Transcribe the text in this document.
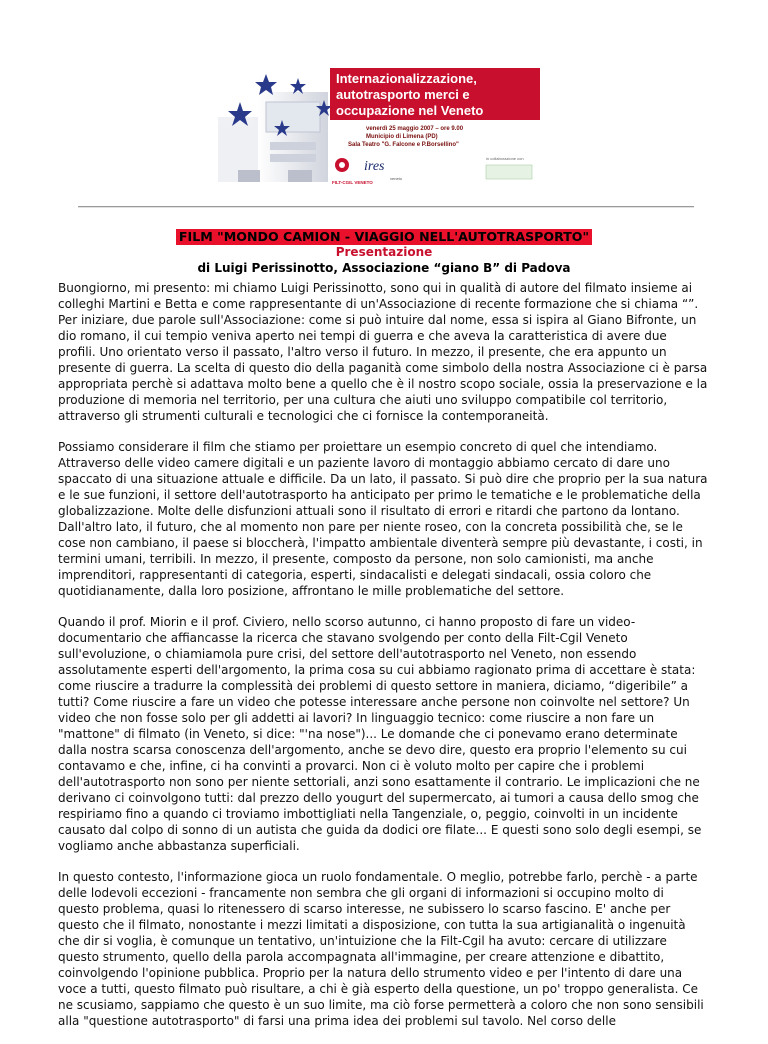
Internazionalizzazione,
autotrasporto merci e
occupazione nel Veneto
venerdì 25 maggio 2007 – ore 9.00
Municipio di Limena (PD)
Sala Teatro "G. Falcone e P.Borsellino"
FILT-CGIL VENETO
ires
veneto
in collaborazione con
FILM "MONDO CAMION - VIAGGIO NELL'AUTOTRASPORTO"
Presentazione
di Luigi Perissinotto, Associazione “giano B” di Padova

Buongiorno, mi presento: mi chiamo Luigi Perissinotto, sono qui in qualità di autore del filmato insieme ai colleghi Martini e Betta e come rappresentante di un'Associazione di recente formazione che si chiama “”. Per iniziare, due parole sull'Associazione: come si può intuire dal nome, essa si ispira al Giano Bifronte, un dio romano, il cui tempio veniva aperto nei tempi di guerra e che aveva la caratteristica di avere due profili. Uno orientato verso il passato, l'altro verso il futuro. In mezzo, il presente, che era appunto un presente di guerra. La scelta di questo dio della paganità come simbolo della nostra Associazione ci è parsa appropriata perchè si adattava molto bene a quello che è il nostro scopo sociale, ossia la preservazione e la produzione di memoria nel territorio, per una cultura che aiuti uno sviluppo compatibile col territorio, attraverso gli strumenti culturali e tecnologici che ci fornisce la contemporaneità.

Possiamo considerare il film che stiamo per proiettare un esempio concreto di quel che intendiamo. Attraverso delle video camere digitali e un paziente lavoro di montaggio abbiamo cercato di dare uno spaccato di una situazione attuale e difficile. Da un lato, il passato. Si può dire che proprio per la sua natura e le sue funzioni, il settore dell'autotrasporto ha anticipato per primo le tematiche e le problematiche della globalizzazione. Molte delle disfunzioni attuali sono il risultato di errori e ritardi che partono da lontano. Dall'altro lato, il futuro, che al momento non pare per niente roseo, con la concreta possibilità che, se le cose non cambiano, il paese si bloccherà, l'impatto ambientale diventerà sempre più devastante, i costi, in termini umani, terribili. In mezzo, il presente, composto da persone, non solo camionisti, ma anche imprenditori, rappresentanti di categoria, esperti, sindacalisti e delegati sindacali, ossia coloro che quotidianamente, dalla loro posizione, affrontano le mille problematiche del settore.

Quando il prof. Miorin e il prof. Civiero, nello scorso autunno, ci hanno proposto di fare un video-documentario che affiancasse la ricerca che stavano svolgendo per conto della Filt-Cgil Veneto sull'evoluzione, o chiamiamola pure crisi, del settore dell'autotrasporto nel Veneto, non essendo assolutamente esperti dell'argomento, la prima cosa su cui abbiamo ragionato prima di accettare è stata: come riuscire a tradurre la complessità dei problemi di questo settore in maniera, diciamo, “digeribile” a tutti? Come riuscire a fare un video che potesse interessare anche persone non coinvolte nel settore? Un video che non fosse solo per gli addetti ai lavori? In linguaggio tecnico: come riuscire a non fare un "mattone" di filmato (in Veneto, si dice: "'na nose")... Le domande che ci ponevamo erano determinate dalla nostra scarsa conoscenza dell'argomento, anche se devo dire, questo era proprio l'elemento su cui contavamo e che, infine, ci ha convinti a provarci. Non ci è voluto molto per capire che i problemi dell'autotrasporto non sono per niente settoriali, anzi sono esattamente il contrario. Le implicazioni che ne derivano ci coinvolgono tutti: dal prezzo dello yougurt del supermercato, ai tumori a causa dello smog che respiriamo fino a quando ci troviamo imbottigliati nella Tangenziale, o, peggio, coinvolti in un incidente causato dal colpo di sonno di un autista che guida da dodici ore filate... E questi sono solo degli esempi, se vogliamo anche abbastanza superficiali.

In questo contesto, l'informazione gioca un ruolo fondamentale. O meglio, potrebbe farlo, perchè - a parte delle lodevoli eccezioni - francamente non sembra che gli organi di informazioni si occupino molto di questo problema, quasi lo ritenessero di scarso interesse, ne subissero lo scarso fascino. E' anche per questo che il filmato, nonostante i mezzi limitati a disposizione, con tutta la sua artigianalità o ingenuità che dir si voglia, è comunque un tentativo, un'intuizione che la Filt-Cgil ha avuto: cercare di utilizzare questo strumento, quello della parola accompagnata all'immagine, per creare attenzione e dibattito, coinvolgendo l'opinione pubblica. Proprio per la natura dello strumento video e per l'intento di dare una voce a tutti, questo filmato può risultare, a chi è già esperto della questione, un po' troppo generalista. Ce ne scusiamo, sappiamo che questo è un suo limite, ma ciò forse permetterà a coloro che non sono sensibili alla "questione autotrasporto" di farsi una prima idea dei problemi sul tavolo. Nel corso delle
